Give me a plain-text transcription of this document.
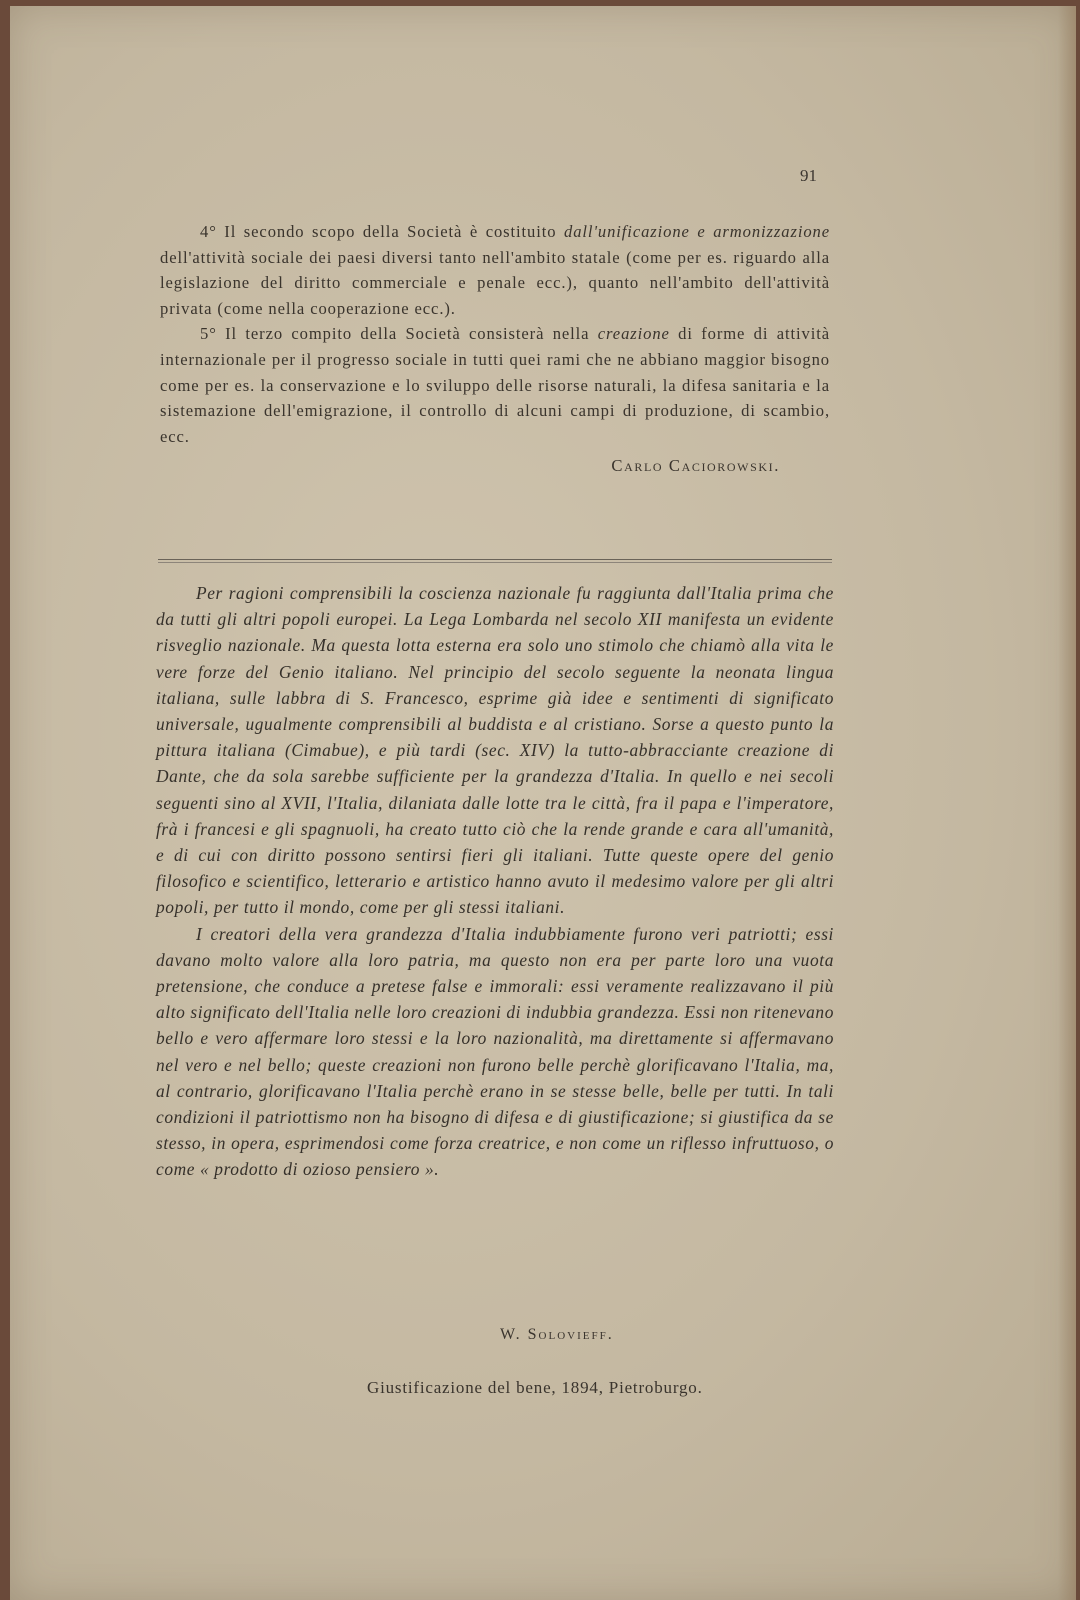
91

4° Il secondo scopo della Società è costituito dall'unificazione e armonizzazione dell'attività sociale dei paesi diversi tanto nell'ambito statale (come per es. riguardo alla legislazione del diritto commerciale e penale ecc.), quanto nell'ambito dell'attività privata (come nella cooperazione ecc.).

5° Il terzo compito della Società consisterà nella creazione di forme di attività internazionale per il progresso sociale in tutti quei rami che ne abbiano maggior bisogno come per es. la conservazione e lo sviluppo delle risorse naturali, la difesa sanitaria e la sistemazione dell'emigrazione, il controllo di alcuni campi di produzione, di scambio, ecc.

Carlo Caciorowski.

Per ragioni comprensibili la coscienza nazionale fu raggiunta dall'Italia prima che da tutti gli altri popoli europei. La Lega Lombarda nel secolo XII manifesta un evidente risveglio nazionale. Ma questa lotta esterna era solo uno stimolo che chiamò alla vita le vere forze del Genio italiano. Nel principio del secolo seguente la neonata lingua italiana, sulle labbra di S. Francesco, esprime già idee e sentimenti di significato universale, ugualmente comprensibili al buddista e al cristiano. Sorse a questo punto la pittura italiana (Cimabue), e più tardi (sec. XIV) la tutto-abbracciante creazione di Dante, che da sola sarebbe sufficiente per la grandezza d'Italia. In quello e nei secoli seguenti sino al XVII, l'Italia, dilaniata dalle lotte tra le città, fra il papa e l'imperatore, frà i francesi e gli spagnuoli, ha creato tutto ciò che la rende grande e cara all'umanità, e di cui con diritto possono sentirsi fieri gli italiani. Tutte queste opere del genio filosofico e scientifico, letterario e artistico hanno avuto il medesimo valore per gli altri popoli, per tutto il mondo, come per gli stessi italiani.

I creatori della vera grandezza d'Italia indubbiamente furono veri patriotti; essi davano molto valore alla loro patria, ma questo non era per parte loro una vuota pretensione, che conduce a pretese false e immorali: essi veramente realizzavano il più alto significato dell'Italia nelle loro creazioni di indubbia grandezza. Essi non ritenevano bello e vero affermare loro stessi e la loro nazionalità, ma direttamente si affermavano nel vero e nel bello; queste creazioni non furono belle perchè glorificavano l'Italia, ma, al contrario, glorificavano l'Italia perchè erano in se stesse belle, belle per tutti. In tali condizioni il patriottismo non ha bisogno di difesa e di giustificazione; si giustifica da se stesso, in opera, esprimendosi come forza creatrice, e non come un riflesso infruttuoso, o come « prodotto di ozioso pensiero ».

W. Solovieff.
Giustificazione del bene, 1894, Pietroburgo.
